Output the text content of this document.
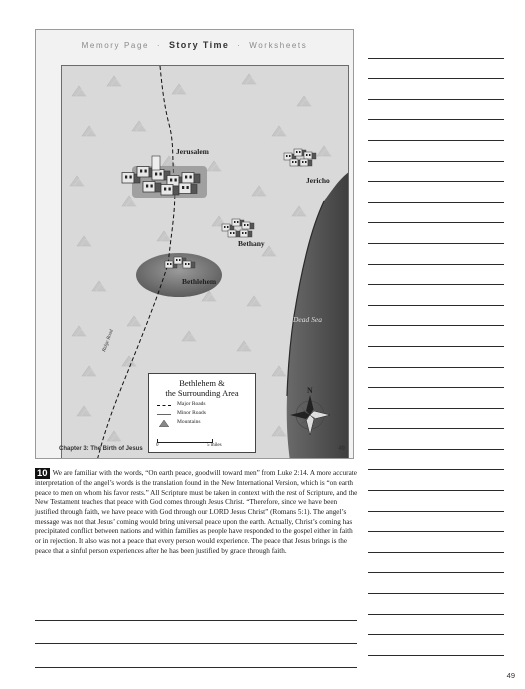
Memory Page · Story Time · Worksheets
Jerusalem
Jericho
Bethany
Bethlehem
Dead Sea
Ridge Road
N
Bethlehem &
the Surrounding Area
Major Roads
Minor Roads
Mountains
0	5 miles
Chapter 3: The Birth of Jesus	49
10 We are familiar with the words, “On earth peace, goodwill toward men” from Luke 2:14. A more accurate interpretation of the angel’s words is the translation found in the New International Version, which is “on earth peace to men on whom his favor rests.” All Scripture must be taken in context with the rest of Scripture, and the New Testament teaches that peace with God comes through Jesus Christ. “Therefore, since we have been justified through faith, we have peace with God through our LORD Jesus Christ” (Romans 5:1). The angel’s message was not that Jesus’ coming would bring universal peace upon the earth. Actually, Christ’s coming has precipitated conflict between nations and within families as people have responded to the gospel either in faith or in rejection. It also was not a peace that every person would experience. The peace that Jesus brings is the peace that a sinful person experiences after he has been justified by grace through faith.
49
